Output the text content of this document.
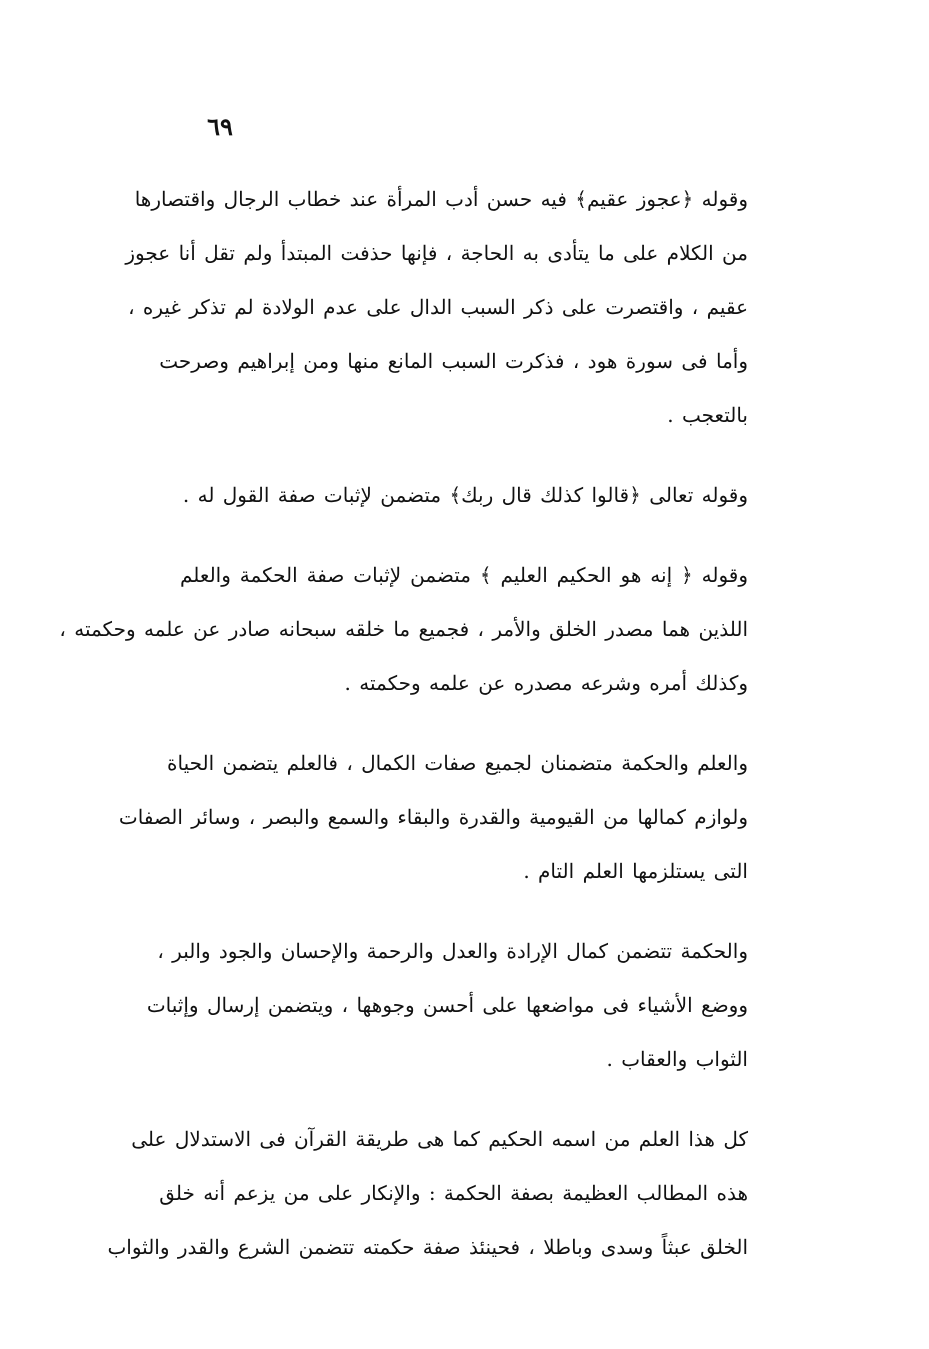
٦٩

وقوله ﴿عجوز عقيم﴾ فيه حسن أدب المرأة عند خطاب الرجال واقتصارها
من الكلام على ما يتأدى به الحاجة ، فإنها حذفت المبتدأ ولم تقل أنا عجوز
عقيم ، واقتصرت على ذكر السبب الدال على عدم الولادة لم تذكر غيره ،
وأما فى سورة هود ، فذكرت السبب المانع منها ومن إبراهيم وصرحت
بالتعجب .

وقوله تعالى ﴿قالوا كذلك قال ربك﴾ متضمن لإثبات صفة القول له .

وقوله ﴿ إنه هو الحكيم العليم ﴾ متضمن لإثبات صفة الحكمة والعلم
اللذين هما مصدر الخلق والأمر ، فجميع ما خلقه سبحانه صادر عن علمه وحكمته ،
وكذلك أمره وشرعه مصدره عن علمه وحكمته .

والعلم والحكمة متضمنان لجميع صفات الكمال ، فالعلم يتضمن الحياة
ولوازم كمالها من القيومية والقدرة والبقاء والسمع والبصر ، وسائر الصفات
التى يستلزمها العلم التام .

والحكمة تتضمن كمال الإرادة والعدل والرحمة والإحسان والجود والبر ،
ووضع الأشياء فى مواضعها على أحسن وجوهها ، ويتضمن إرسال وإثبات
الثواب والعقاب .

كل هذا العلم من اسمه الحكيم كما هى طريقة القرآن فى الاستدلال على
هذه المطالب العظيمة بصفة الحكمة : والإنكار على من يزعم أنه خلق
الخلق عبثاً وسدى وباطلا ، فحينئذ صفة حكمته تتضمن الشرع والقدر والثواب
